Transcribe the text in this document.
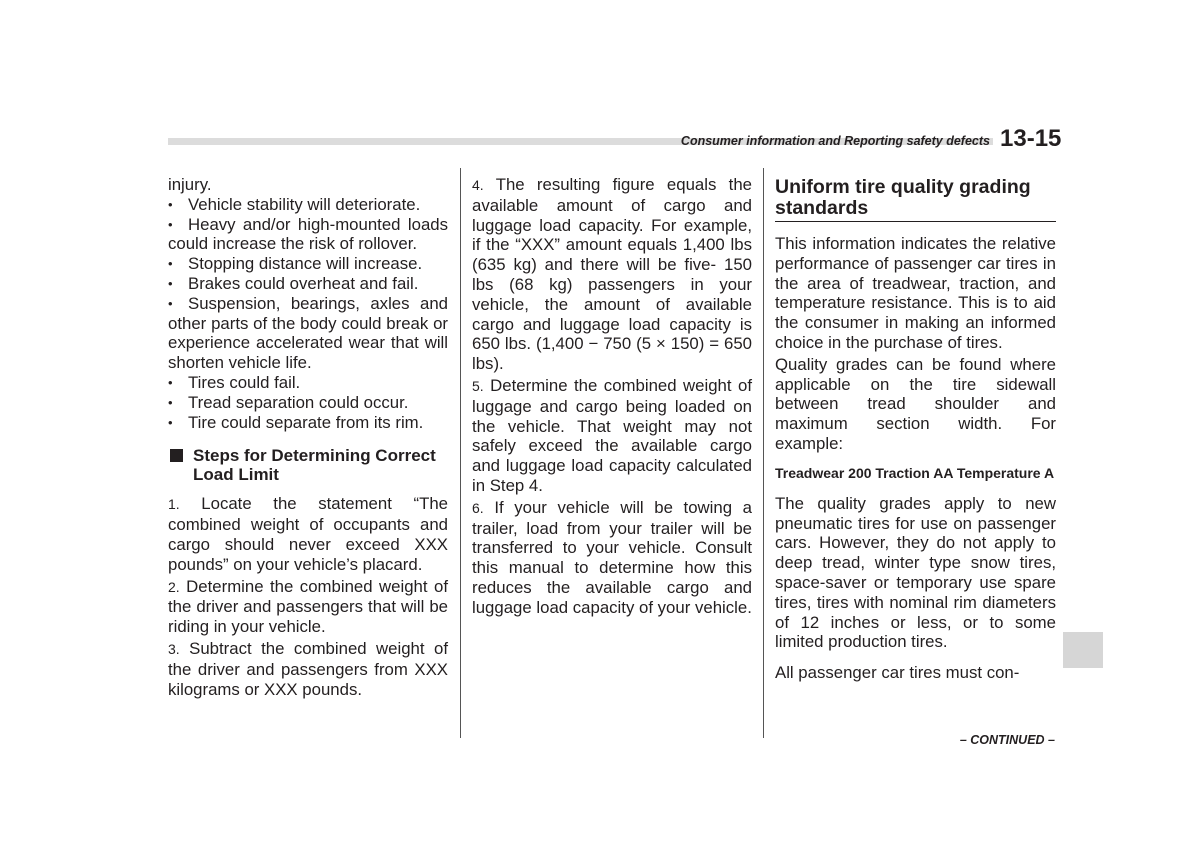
Consumer information and Reporting safety defects 13-15

injury.

• Vehicle stability will deteriorate.

• Heavy and/or high-mounted loads could increase the risk of rollover.

• Stopping distance will increase.

• Brakes could overheat and fail.

• Suspension, bearings, axles and other parts of the body could break or experience accelerated wear that will shorten vehicle life.

• Tires could fail.

• Tread separation could occur.

• Tire could separate from its rim.

Steps for Determining Correct Load Limit

1. Locate the statement “The combined weight of occupants and cargo should never exceed XXX pounds” on your vehicle’s placard.

2. Determine the combined weight of the driver and passengers that will be riding in your vehicle.

3. Subtract the combined weight of the driver and passengers from XXX kilograms or XXX pounds.

4. The resulting figure equals the available amount of cargo and luggage load capacity. For example, if the “XXX” amount equals 1,400 lbs (635 kg) and there will be five- 150 lbs (68 kg) passengers in your vehicle, the amount of available cargo and luggage load capacity is 650 lbs. (1,400 − 750 (5 × 150) = 650 lbs).

5. Determine the combined weight of luggage and cargo being loaded on the vehicle. That weight may not safely exceed the available cargo and luggage load capacity calculated in Step 4.

6. If your vehicle will be towing a trailer, load from your trailer will be transferred to your vehicle. Consult this manual to determine how this reduces the available cargo and luggage load capacity of your vehicle.

Uniform tire quality grading standards

This information indicates the relative performance of passenger car tires in the area of treadwear, traction, and temperature resistance. This is to aid the consumer in making an informed choice in the purchase of tires.

Quality grades can be found where applicable on the tire sidewall between tread shoulder and maximum section width. For example:

Treadwear 200 Traction AA Temperature A

The quality grades apply to new pneumatic tires for use on passenger cars. However, they do not apply to deep tread, winter type snow tires, space-saver or temporary use spare tires, tires with nominal rim diameters of 12 inches or less, or to some limited production tires.

All passenger car tires must con-

– CONTINUED –
